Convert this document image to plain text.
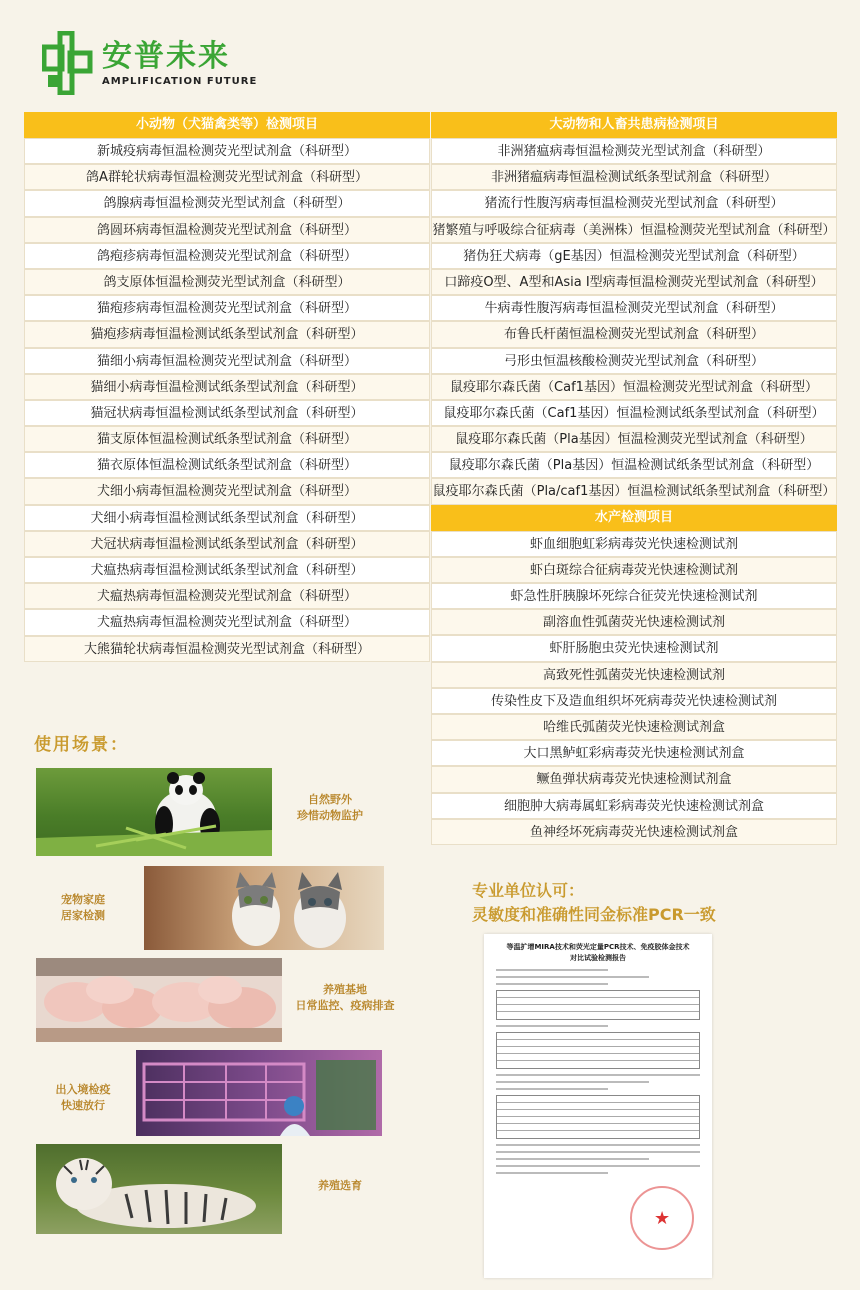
安普未来
AMPLIFICATION FUTURE
小动物（犬猫禽类等）检测项目
新城疫病毒恒温检测荧光型试剂盒（科研型）
鸽A群轮状病毒恒温检测荧光型试剂盒（科研型）
鸽腺病毒恒温检测荧光型试剂盒（科研型）
鸽圆环病毒恒温检测荧光型试剂盒（科研型）
鸽疱疹病毒恒温检测荧光型试剂盒（科研型）
鸽支原体恒温检测荧光型试剂盒（科研型）
猫疱疹病毒恒温检测荧光型试剂盒（科研型）
猫疱疹病毒恒温检测试纸条型试剂盒（科研型）
猫细小病毒恒温检测荧光型试剂盒（科研型）
猫细小病毒恒温检测试纸条型试剂盒（科研型）
猫冠状病毒恒温检测试纸条型试剂盒（科研型）
猫支原体恒温检测试纸条型试剂盒（科研型）
猫衣原体恒温检测试纸条型试剂盒（科研型）
犬细小病毒恒温检测荧光型试剂盒（科研型）
犬细小病毒恒温检测试纸条型试剂盒（科研型）
犬冠状病毒恒温检测试纸条型试剂盒（科研型）
犬瘟热病毒恒温检测试纸条型试剂盒（科研型）
犬瘟热病毒恒温检测荧光型试剂盒（科研型）
犬瘟热病毒恒温检测荧光型试剂盒（科研型）
大熊猫轮状病毒恒温检测荧光型试剂盒（科研型）
大动物和人畜共患病检测项目
非洲猪瘟病毒恒温检测荧光型试剂盒（科研型）
非洲猪瘟病毒恒温检测试纸条型试剂盒（科研型）
猪流行性腹泻病毒恒温检测荧光型试剂盒（科研型）
猪繁殖与呼吸综合征病毒（美洲株）恒温检测荧光型试剂盒（科研型）
猪伪狂犬病毒（gE基因）恒温检测荧光型试剂盒（科研型）
口蹄疫O型、A型和Asia I型病毒恒温检测荧光型试剂盒（科研型）
牛病毒性腹泻病毒恒温检测荧光型试剂盒（科研型）
布鲁氏杆菌恒温检测荧光型试剂盒（科研型）
弓形虫恒温核酸检测荧光型试剂盒（科研型）
鼠疫耶尔森氏菌（Caf1基因）恒温检测荧光型试剂盒（科研型）
鼠疫耶尔森氏菌（Caf1基因）恒温检测试纸条型试剂盒（科研型）
鼠疫耶尔森氏菌（Pla基因）恒温检测荧光型试剂盒（科研型）
鼠疫耶尔森氏菌（Pla基因）恒温检测试纸条型试剂盒（科研型）
鼠疫耶尔森氏菌（Pla/caf1基因）恒温检测试纸条型试剂盒（科研型）
水产检测项目
虾血细胞虹彩病毒荧光快速检测试剂
虾白斑综合征病毒荧光快速检测试剂
虾急性肝胰腺坏死综合征荧光快速检测试剂
副溶血性弧菌荧光快速检测试剂
虾肝肠胞虫荧光快速检测试剂
高致死性弧菌荧光快速检测试剂
传染性皮下及造血组织坏死病毒荧光快速检测试剂
哈维氏弧菌荧光快速检测试剂盒
大口黑鲈虹彩病毒荧光快速检测试剂盒
鳜鱼弹状病毒荧光快速检测试剂盒
细胞肿大病毒属虹彩病毒荧光快速检测试剂盒
鱼神经坏死病毒荧光快速检测试剂盒
使用场景：
自然野外
珍惜动物监护
宠物家庭
居家检测
养殖基地
日常监控、疫病排查
出入境检疫
快速放行
养殖选育
专业单位认可：
灵敏度和准确性同金标准PCR一致
等温扩增MIRA技术和荧光定量PCR技术、免疫胶体金技术
对比试验检测报告
★
